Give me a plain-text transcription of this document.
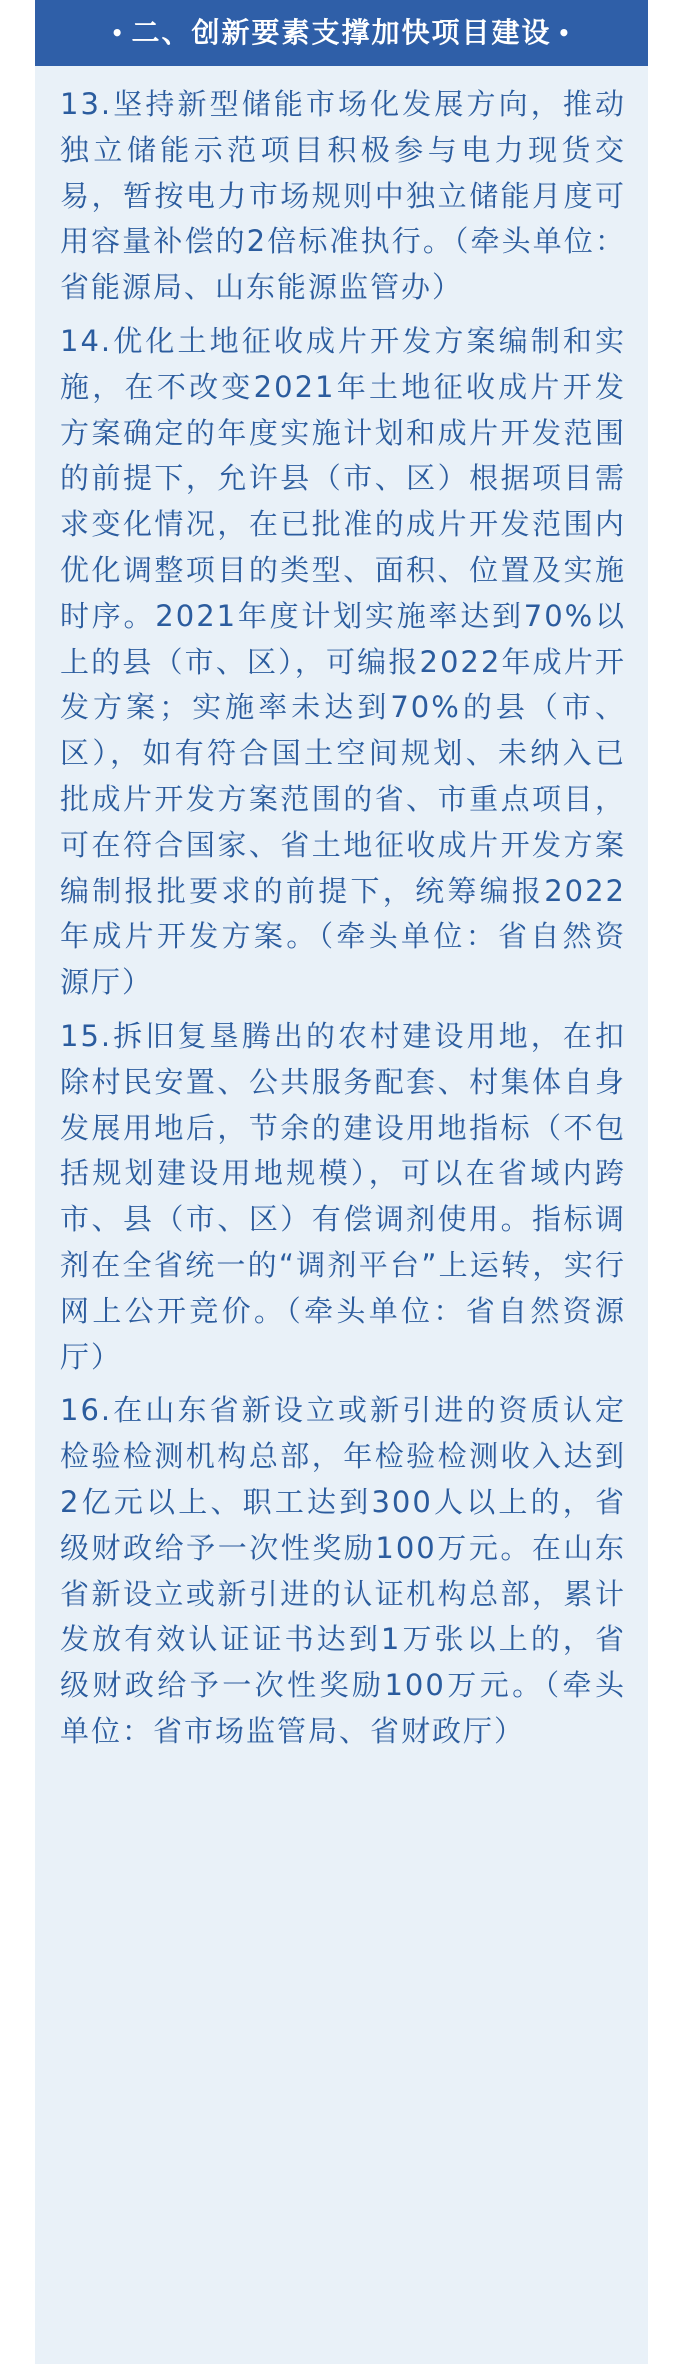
• 二、创新要素支撑加快项目建设 •

13.坚持新型储能市场化发展方向，推动独立储能示范项目积极参与电力现货交易，暂按电力市场规则中独立储能月度可用容量补偿的2倍标准执行。（牵头单位：省能源局、山东能源监管办）

14.优化土地征收成片开发方案编制和实施，在不改变2021年土地征收成片开发方案确定的年度实施计划和成片开发范围的前提下，允许县（市、区）根据项目需求变化情况，在已批准的成片开发范围内优化调整项目的类型、面积、位置及实施时序。2021年度计划实施率达到70%以上的县（市、区），可编报2022年成片开发方案；实施率未达到70%的县（市、区），如有符合国土空间规划、未纳入已批成片开发方案范围的省、市重点项目，可在符合国家、省土地征收成片开发方案编制报批要求的前提下，统筹编报2022年成片开发方案。（牵头单位：省自然资源厅）

15.拆旧复垦腾出的农村建设用地，在扣除村民安置、公共服务配套、村集体自身发展用地后，节余的建设用地指标（不包括规划建设用地规模），可以在省域内跨市、县（市、区）有偿调剂使用。指标调剂在全省统一的“调剂平台”上运转，实行网上公开竞价。（牵头单位：省自然资源厅）

16.在山东省新设立或新引进的资质认定检验检测机构总部，年检验检测收入达到2亿元以上、职工达到300人以上的，省级财政给予一次性奖励100万元。在山东省新设立或新引进的认证机构总部，累计发放有效认证证书达到1万张以上的，省级财政给予一次性奖励100万元。（牵头单位：省市场监管局、省财政厅）
